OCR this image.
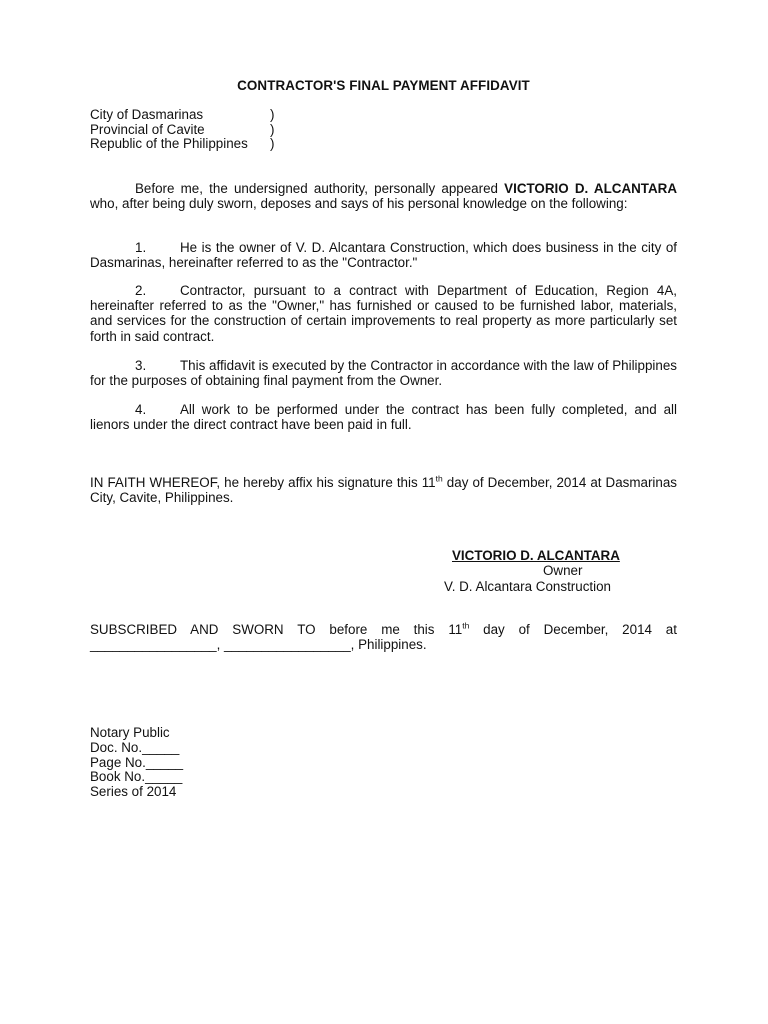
CONTRACTOR'S FINAL PAYMENT AFFIDAVIT
City of Dasmarinas	)
Provincial of Cavite	)
Republic of the Philippines )

Before me, the undersigned authority, personally appeared VICTORIO D. ALCANTARA who, after being duly sworn, deposes and says of his personal knowledge on the following:

1.	He is the owner of V. D. Alcantara Construction, which does business in the city of Dasmarinas, hereinafter referred to as the "Contractor."

2.	Contractor, pursuant to a contract with Department of Education, Region 4A, hereinafter referred to as the "Owner," has furnished or caused to be furnished labor, materials, and services for the construction of certain improvements to real property as more particularly set forth in said contract.

3.	This affidavit is executed by the Contractor in accordance with the law of Philippines for the purposes of obtaining final payment from the Owner.

4.	All work to be performed under the contract has been fully completed, and all lienors under the direct contract have been paid in full.

IN FAITH WHEREOF, he hereby affix his signature this 11th day of December, 2014 at Dasmarinas City, Cavite, Philippines.

VICTORIO D. ALCANTARA
Owner
V. D. Alcantara Construction

SUBSCRIBED AND SWORN TO before me this 11th day of December, 2014 at _________________, _________________, Philippines.

Notary Public
Doc. No._____
Page No._____
Book No._____
Series of 2014
